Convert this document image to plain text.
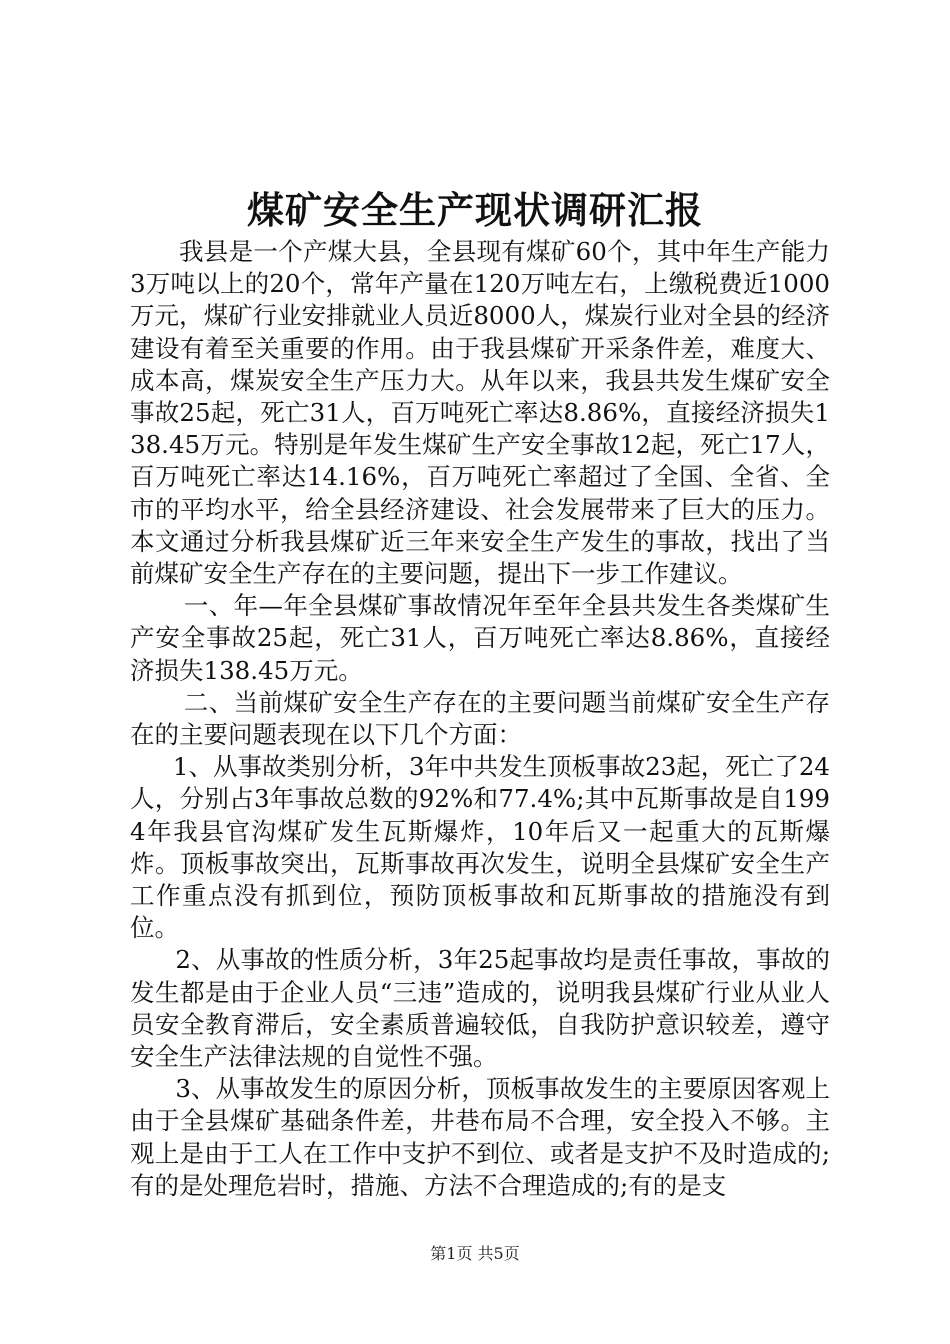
煤矿安全生产现状调研汇报

我县是一个产煤大县，全县现有煤矿60个，其中年生产能力3万吨以上的20个，常年产量在120万吨左右，上缴税费近1000万元，煤矿行业安排就业人员近8000人，煤炭行业对全县的经济建设有着至关重要的作用。由于我县煤矿开采条件差，难度大、成本高，煤炭安全生产压力大。从年以来，我县共发生煤矿安全事故25起，死亡31人，百万吨死亡率达8.86%，直接经济损失138.45万元。特别是年发生煤矿生产安全事故12起，死亡17人，百万吨死亡率达14.16%，百万吨死亡率超过了全国、全省、全市的平均水平，给全县经济建设、社会发展带来了巨大的压力。本文通过分析我县煤矿近三年来安全生产发生的事故，找出了当前煤矿安全生产存在的主要问题，提出下一步工作建议。

一、年—年全县煤矿事故情况年至年全县共发生各类煤矿生产安全事故25起，死亡31人，百万吨死亡率达8.86%，直接经济损失138.45万元。

二、当前煤矿安全生产存在的主要问题当前煤矿安全生产存在的主要问题表现在以下几个方面：

1、从事故类别分析，3年中共发生顶板事故23起，死亡了24人，分别占3年事故总数的92%和77.4%;其中瓦斯事故是自1994年我县官沟煤矿发生瓦斯爆炸，10年后又一起重大的瓦斯爆炸。顶板事故突出，瓦斯事故再次发生，说明全县煤矿安全生产工作重点没有抓到位，预防顶板事故和瓦斯事故的措施没有到位。

2、从事故的性质分析，3年25起事故均是责任事故，事故的发生都是由于企业人员“三违”造成的，说明我县煤矿行业从业人员安全教育滞后，安全素质普遍较低，自我防护意识较差，遵守安全生产法律法规的自觉性不强。

3、从事故发生的原因分析，顶板事故发生的主要原因客观上由于全县煤矿基础条件差，井巷布局不合理，安全投入不够。主观上是由于工人在工作中支护不到位、或者是支护不及时造成的;有的是处理危岩时，措施、方法不合理造成的;有的是支

第1页 共5页
